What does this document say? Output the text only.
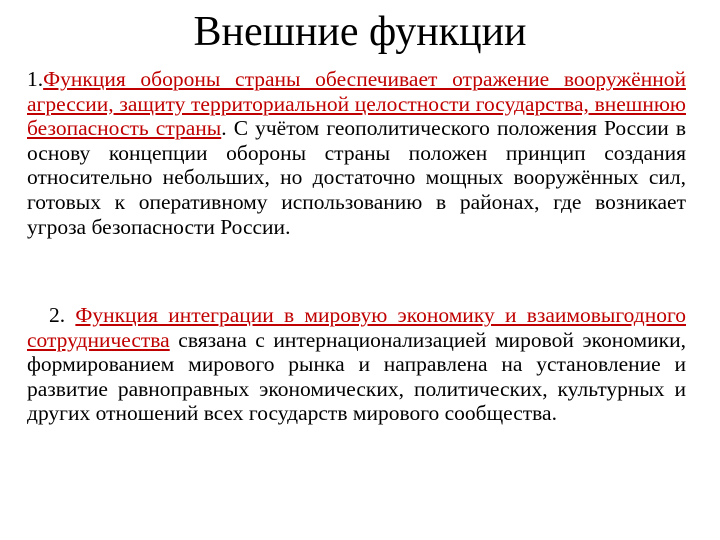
Внешние функции

1.Функция обороны страны обеспечивает отражение вооружённой агрессии, защиту территориальной целостности государства, внешнюю безопасность страны. С учётом геополитического положения России в основу концепции обороны страны положен принцип создания относительно небольших, но достаточно мощных вооружённых сил, готовых к оперативному использованию в районах, где возникает угроза безопасности России.

2. Функция интеграции в мировую экономику и взаимовыгодного сотрудничества связана с интернационализацией мировой экономики, формированием мирового рынка и направлена на установление и развитие равноправных экономических, политических, культурных и других отношений всех государств мирового сообщества.
